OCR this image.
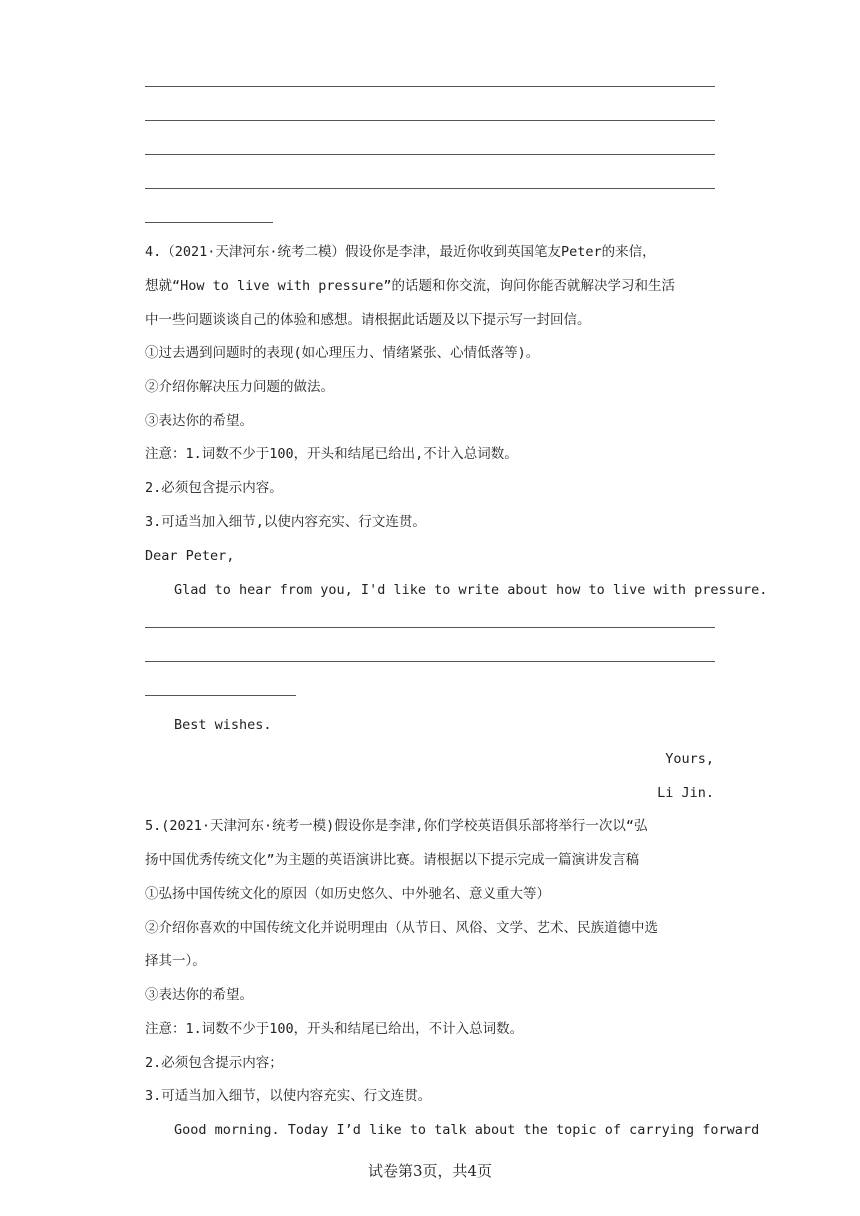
4.（2021·天津河东·统考二模）假设你是李津，最近你收到英国笔友Peter的来信，
想就“How to live with pressure”的话题和你交流，询问你能否就解决学习和生活
中一些问题谈谈自己的体验和感想。请根据此话题及以下提示写一封回信。
①过去遇到问题时的表现(如心理压力、情绪紧张、心情低落等)。
②介绍你解决压力问题的做法。
③表达你的希望。
注意：1.词数不少于100，开头和结尾已给出,不计入总词数。
2.必须包含提示内容。
3.可适当加入细节,以使内容充实、行文连贯。
Dear Peter,
Glad to hear from you, I'd like to write about how to live with pressure.
Best wishes.
Yours,
Li Jin.
5.(2021·天津河东·统考一模)假设你是李津,你们学校英语俱乐部将举行一次以“弘
扬中国优秀传统文化”为主题的英语演讲比赛。请根据以下提示完成一篇演讲发言稿
①弘扬中国传统文化的原因（如历史悠久、中外驰名、意义重大等）
②介绍你喜欢的中国传统文化并说明理由（从节日、风俗、文学、艺术、民族道德中选
择其一）。
③表达你的希望。
注意：1.词数不少于100，开头和结尾已给出，不计入总词数。
2.必须包含提示内容；
3.可适当加入细节，以使内容充实、行文连贯。
Good morning. Today I’d like to talk about the topic of carrying forward
试卷第3页，共4页
